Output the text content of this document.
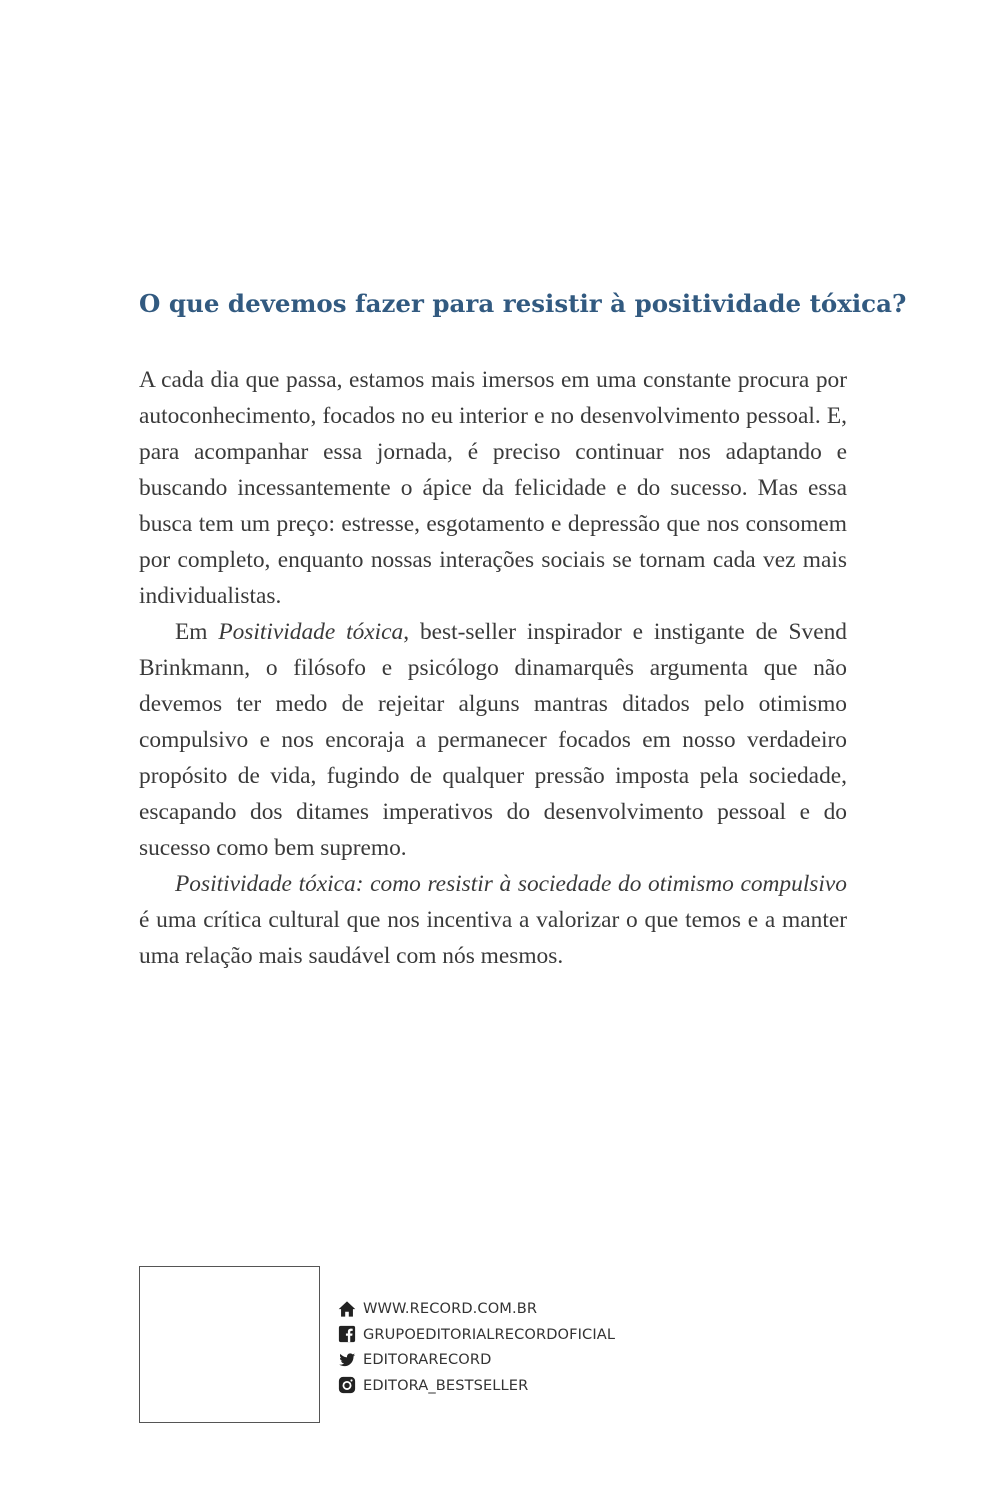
O que devemos fazer para resistir à positividade tóxica?

A cada dia que passa, estamos mais imersos em uma constante procura por autoconhecimento, focados no eu interior e no desenvolvimento pessoal. E, para acompanhar essa jornada, é preciso continuar nos adaptando e buscando incessantemente o ápice da felicidade e do sucesso. Mas essa busca tem um preço: estresse, esgotamento e depressão que nos consomem por completo, enquanto nossas interações sociais se tornam cada vez mais individualistas.

Em Positividade tóxica, best-seller inspirador e instigante de Svend Brinkmann, o filósofo e psicólogo dinamarquês argumenta que não devemos ter medo de rejeitar alguns mantras ditados pelo otimismo compulsivo e nos encoraja a permanecer focados em nosso verdadeiro propósito de vida, fugindo de qualquer pressão imposta pela sociedade, escapando dos ditames imperativos do desenvolvimento pessoal e do sucesso como bem supremo.

Positividade tóxica: como resistir à sociedade do otimismo compulsivo é uma crítica cultural que nos incentiva a valorizar o que temos e a manter uma relação mais saudável com nós mesmos.

WWW.RECORD.COM.BR
GRUPOEDITORIALRECORDOFICIAL
EDITORARECORD
EDITORA_BESTSELLER
